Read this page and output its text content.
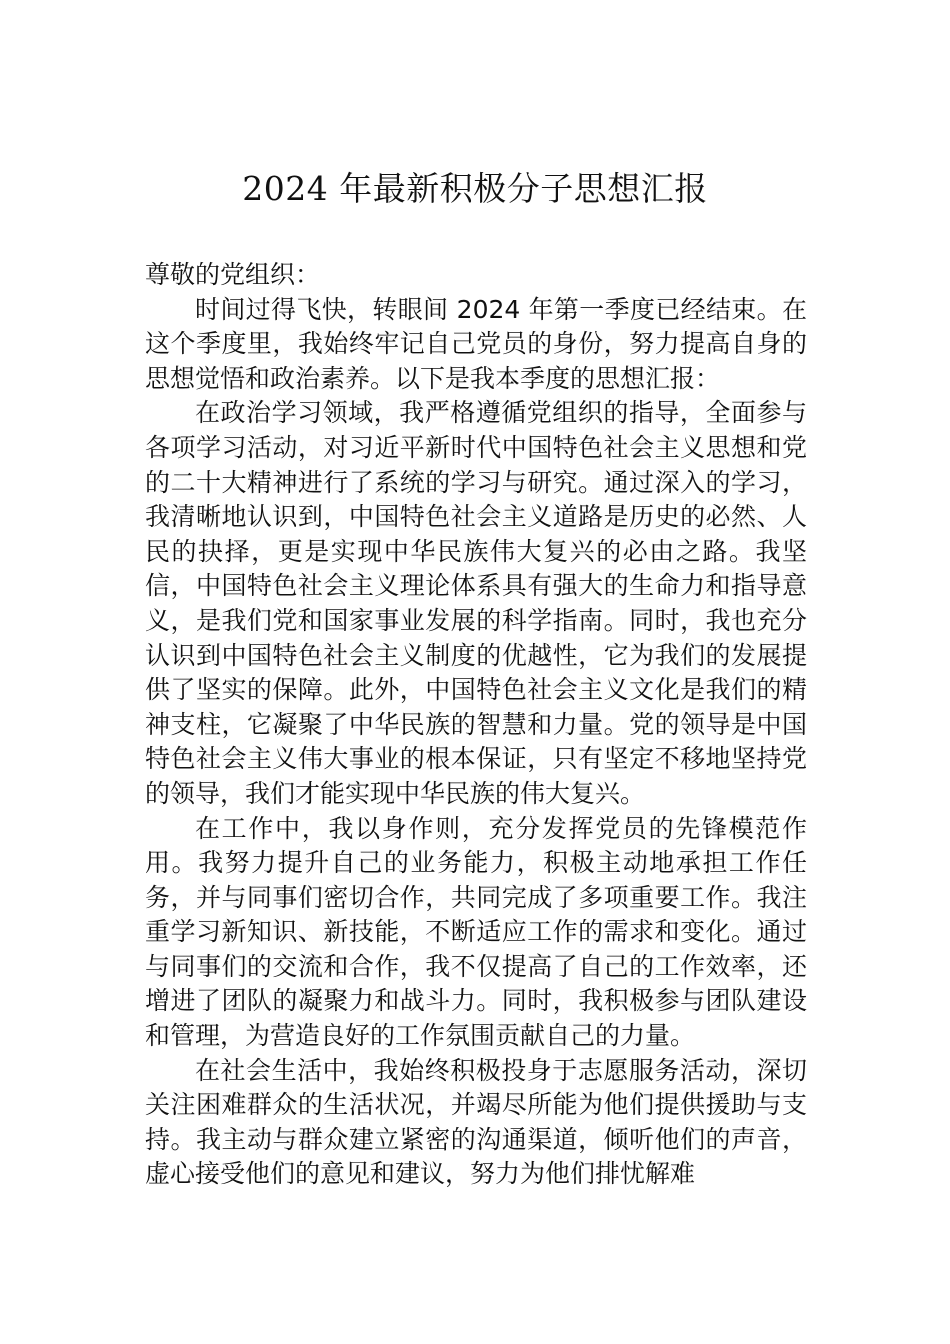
2024 年最新积极分子思想汇报

尊敬的党组织：

时间过得飞快，转眼间 2024 年第一季度已经结束。在这个季度里，我始终牢记自己党员的身份，努力提高自身的思想觉悟和政治素养。以下是我本季度的思想汇报：

在政治学习领域，我严格遵循党组织的指导，全面参与各项学习活动，对习近平新时代中国特色社会主义思想和党的二十大精神进行了系统的学习与研究。通过深入的学习，我清晰地认识到，中国特色社会主义道路是历史的必然、人民的抉择，更是实现中华民族伟大复兴的必由之路。我坚信，中国特色社会主义理论体系具有强大的生命力和指导意义，是我们党和国家事业发展的科学指南。同时，我也充分认识到中国特色社会主义制度的优越性，它为我们的发展提供了坚实的保障。此外，中国特色社会主义文化是我们的精神支柱，它凝聚了中华民族的智慧和力量。党的领导是中国特色社会主义伟大事业的根本保证，只有坚定不移地坚持党的领导，我们才能实现中华民族的伟大复兴。

在工作中，我以身作则，充分发挥党员的先锋模范作用。我努力提升自己的业务能力，积极主动地承担工作任务，并与同事们密切合作，共同完成了多项重要工作。我注重学习新知识、新技能，不断适应工作的需求和变化。通过与同事们的交流和合作，我不仅提高了自己的工作效率，还增进了团队的凝聚力和战斗力。同时，我积极参与团队建设和管理，为营造良好的工作氛围贡献自己的力量。

在社会生活中，我始终积极投身于志愿服务活动，深切关注困难群众的生活状况，并竭尽所能为他们提供援助与支持。我主动与群众建立紧密的沟通渠道，倾听他们的声音，虚心接受他们的意见和建议，努力为他们排忧解难
